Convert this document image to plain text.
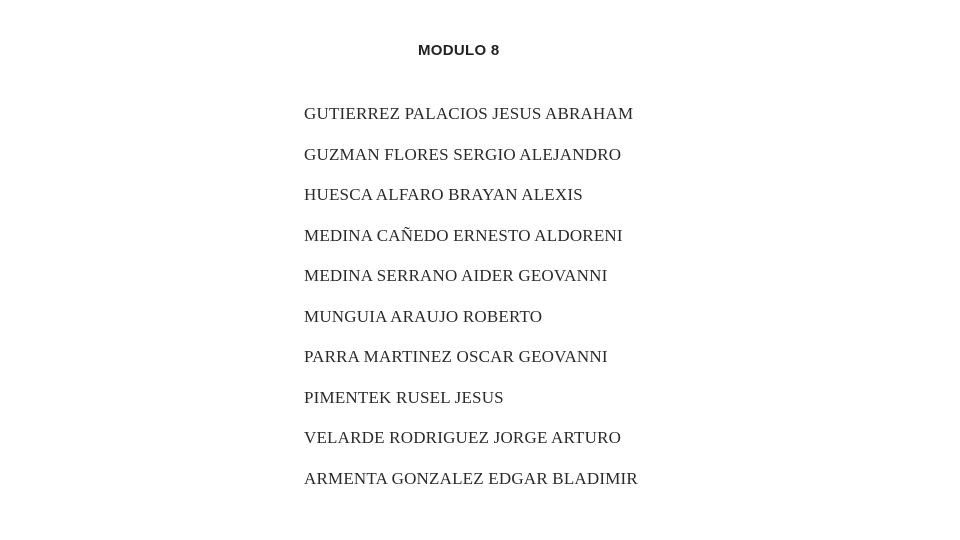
MODULO 8
GUTIERREZ PALACIOS JESUS ABRAHAM
GUZMAN FLORES SERGIO ALEJANDRO
HUESCA ALFARO BRAYAN ALEXIS
MEDINA CAÑEDO ERNESTO ALDORENI
MEDINA SERRANO AIDER GEOVANNI
MUNGUIA ARAUJO ROBERTO
PARRA MARTINEZ OSCAR GEOVANNI
PIMENTEK RUSEL JESUS
VELARDE RODRIGUEZ JORGE ARTURO
ARMENTA GONZALEZ EDGAR BLADIMIR
